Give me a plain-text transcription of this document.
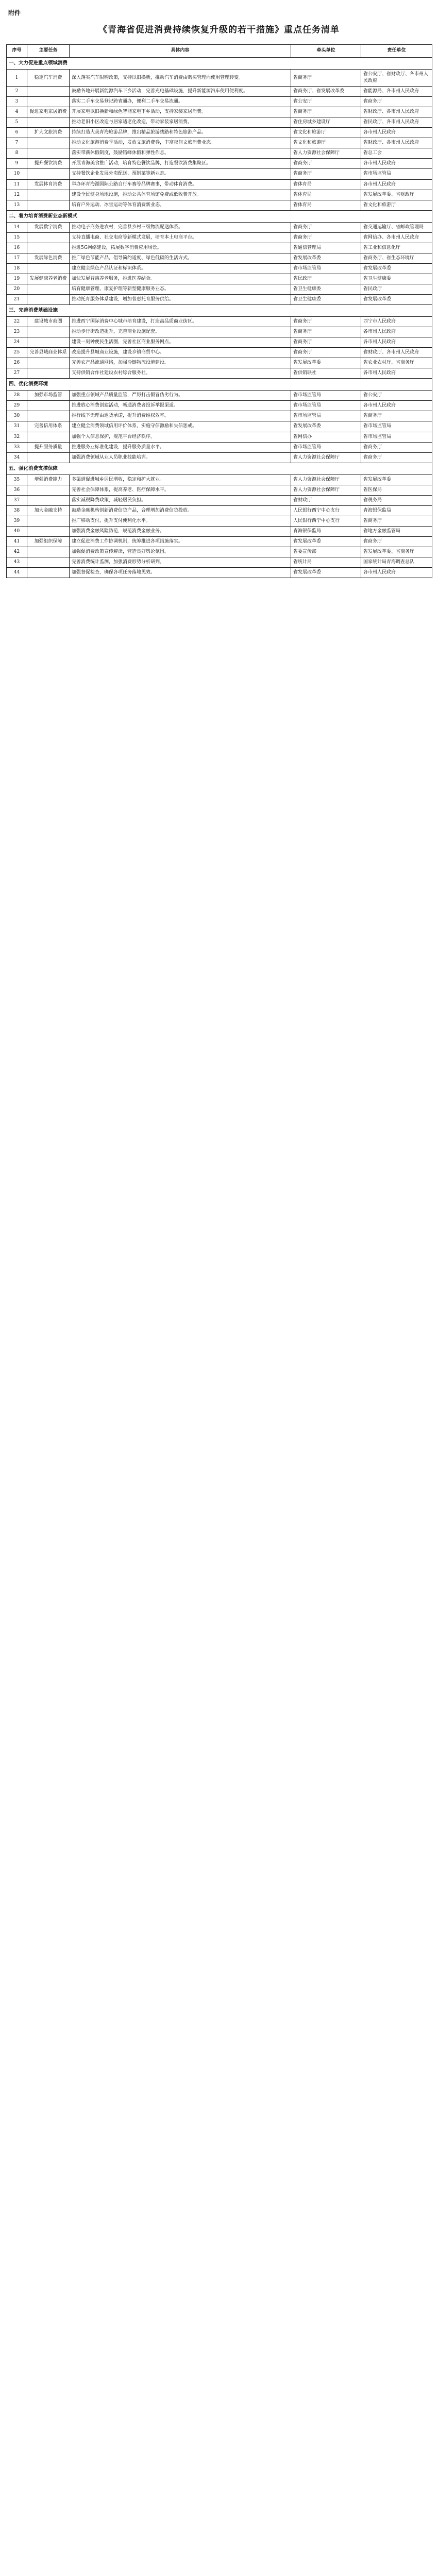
附件
《青海省促进消费持续恢复升级的若干措施》重点任务清单
序号	主要任务	具体内容	牵头单位	责任单位
一、大力促进重点领域消费				
1	稳定汽车消费	深入落实汽车限购政策，支持以旧换新，推动汽车消费由购买管理向使用管理转变。	省商务厅	省公安厅、省财政厅、各市州人民政府
2		鼓励各地开展新能源汽车下乡活动，完善充电基础设施，提升新能源汽车使用便利度。	省商务厅、省发展改革委	省能源局、各市州人民政府
3		落实二手车交易登记跨省通办，便利二手车交易流通。	省公安厅	省商务厅
4	促进家电家居消费	开展家电以旧换新和绿色智能家电下乡活动，支持家装家居消费。	省商务厅	省财政厅、各市州人民政府
5		推动老旧小区改造与居家适老化改造，带动家装家居消费。	省住房城乡建设厅	省民政厅、各市州人民政府
6	扩大文旅消费	持续打造大美青海旅游品牌，推出精品旅游线路和特色旅游产品。	省文化和旅游厅	各市州人民政府
7		推动文化旅游消费季活动，发放文旅消费券，丰富夜间文旅消费业态。	省文化和旅游厅	省财政厅、各市州人民政府
8		落实带薪休假制度，鼓励错峰休假和弹性作息。	省人力资源社会保障厅	省总工会
9	提升餐饮消费	开展青海美食推广活动，培育特色餐饮品牌，打造餐饮消费集聚区。	省商务厅	各市州人民政府
10		支持餐饮企业发展外卖配送、预制菜等新业态。	省商务厅	省市场监管局
11	发展体育消费	举办环青海湖国际公路自行车赛等品牌赛事，带动体育消费。	省体育局	各市州人民政府
12		建设全民健身场地设施，推动公共体育场馆免费或低收费开放。	省体育局	省发展改革委、省财政厅
13		培育户外运动、冰雪运动等体育消费新业态。	省体育局	省文化和旅游厅
二、着力培育消费新业态新模式				
14	发展数字消费	推动电子商务进农村，完善县乡村三级物流配送体系。	省商务厅	省交通运输厅、省邮政管理局
15		支持直播电商、社交电商等新模式发展，培育本土电商平台。	省商务厅	省网信办、各市州人民政府
16		推进5G网络建设，拓展数字消费应用场景。	省通信管理局	省工业和信息化厅
17	发展绿色消费	推广绿色节能产品，倡导简约适度、绿色低碳的生活方式。	省发展改革委	省商务厅、省生态环境厅
18		建立健全绿色产品认证和标识体系。	省市场监管局	省发展改革委
19	发展健康养老消费	加快发展普惠养老服务，推进医养结合。	省民政厅	省卫生健康委
20		培育健康管理、康复护理等新型健康服务业态。	省卫生健康委	省民政厅
21		推动托育服务体系建设，增加普惠托育服务供给。	省卫生健康委	省发展改革委
三、完善消费基础设施				
22	建设城市商圈	推进西宁国际消费中心城市培育建设，打造高品质商业街区。	省商务厅	西宁市人民政府
23		推动步行街改造提升，完善商业设施配套。	省商务厅	各市州人民政府
24		建设一刻钟便民生活圈，完善社区商业服务网点。	省商务厅	各市州人民政府
25	完善县域商业体系	改造提升县城商业设施，建设乡镇商贸中心。	省商务厅	省财政厅、各市州人民政府
26		完善农产品流通网络，加强冷链物流设施建设。	省发展改革委	省农业农村厅、省商务厅
27		支持供销合作社建设农村综合服务社。	省供销联社	各市州人民政府
四、优化消费环境				
28	加强市场监管	加强重点领域产品质量监管，严厉打击假冒伪劣行为。	省市场监管局	省公安厅
29		推进放心消费创建活动，畅通消费者投诉举报渠道。	省市场监管局	各市州人民政府
30		推行线下无理由退货承诺，提升消费维权效率。	省市场监管局	省商务厅
31	完善信用体系	建立健全消费领域信用评价体系，实施守信激励和失信惩戒。	省发展改革委	省市场监管局
32		加强个人信息保护，规范平台经济秩序。	省网信办	省市场监管局
33	提升服务质量	推进服务业标准化建设，提升服务质量水平。	省市场监管局	省商务厅
34		加强消费领域从业人员职业技能培训。	省人力资源社会保障厅	省商务厅
五、强化消费支撑保障				
35	增强消费能力	多渠道促进城乡居民增收，稳定和扩大就业。	省人力资源社会保障厅	省发展改革委
36		完善社会保障体系，提高养老、医疗保障水平。	省人力资源社会保障厅	省医保局
37		落实减税降费政策，减轻居民负担。	省财政厅	省税务局
38	加大金融支持	鼓励金融机构创新消费信贷产品，合理增加消费信贷投放。	人民银行西宁中心支行	青海银保监局
39		推广移动支付，提升支付便利化水平。	人民银行西宁中心支行	省商务厅
40		加强消费金融风险防范，规范消费金融业务。	青海银保监局	省地方金融监管局
41	加强组织保障	建立促进消费工作协调机制，统筹推进各项措施落实。	省发展改革委	省商务厅
42		加强促消费政策宣传解读，营造良好舆论氛围。	省委宣传部	省发展改革委、省商务厅
43		完善消费统计监测，加强消费形势分析研判。	省统计局	国家统计局青海调查总队
44		加强督促检查，确保各项任务落地见效。	省发展改革委	各市州人民政府
